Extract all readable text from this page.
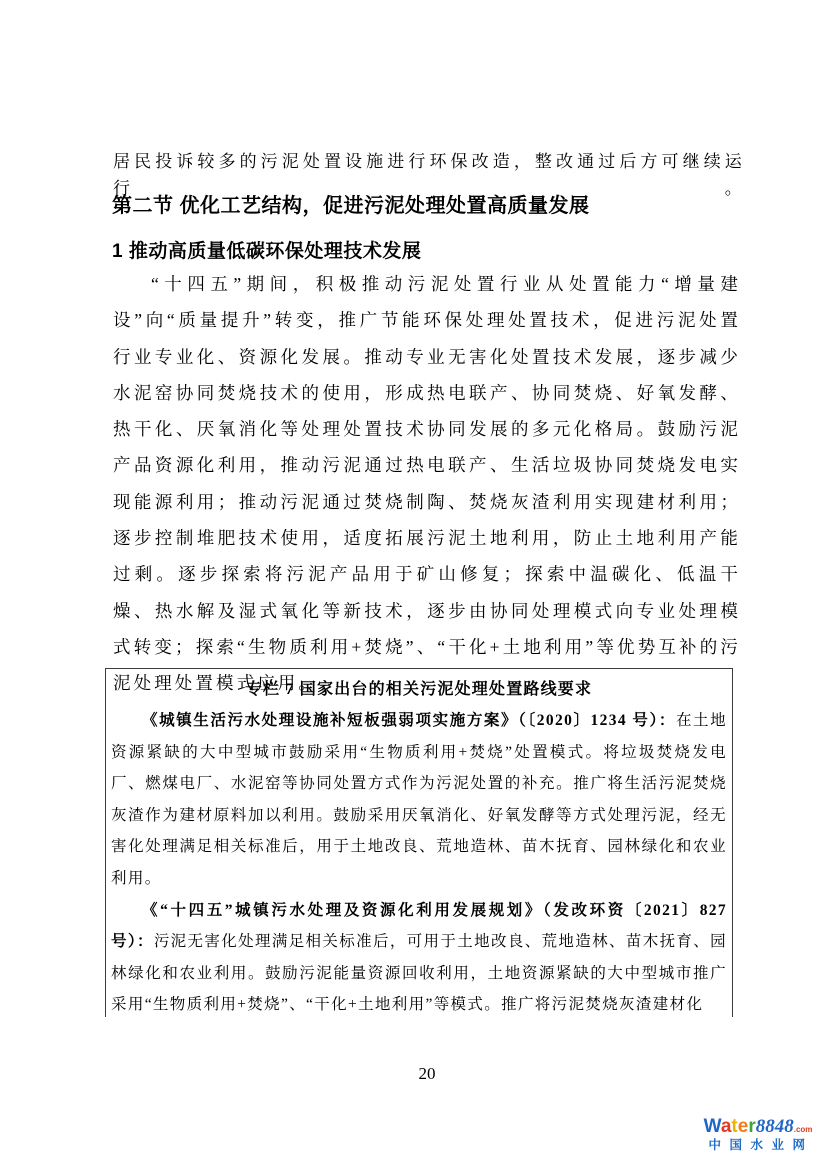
居民投诉较多的污泥处置设施进行环保改造，整改通过后方可继续运行。

第二节 优化工艺结构，促进污泥处理处置高质量发展
1 推动高质量低碳环保处理技术发展

“十四五”期间，积极推动污泥处置行业从处置能力“增量建设”向“质量提升”转变，推广节能环保处理处置技术，促进污泥处置行业专业化、资源化发展。推动专业无害化处置技术发展，逐步减少水泥窑协同焚烧技术的使用，形成热电联产、协同焚烧、好氧发酵、热干化、厌氧消化等处理处置技术协同发展的多元化格局。鼓励污泥产品资源化利用，推动污泥通过热电联产、生活垃圾协同焚烧发电实现能源利用；推动污泥通过焚烧制陶、焚烧灰渣利用实现建材利用；逐步控制堆肥技术使用，适度拓展污泥土地利用，防止土地利用产能过剩。逐步探索将污泥产品用于矿山修复；探索中温碳化、低温干燥、热水解及湿式氧化等新技术，逐步由协同处理模式向专业处理模式转变；探索“生物质利用+焚烧”、“干化+土地利用”等优势互补的污泥处理处置模式应用。

专栏 7 国家出台的相关污泥处理处置路线要求

《城镇生活污水处理设施补短板强弱项实施方案》（〔2020〕1234 号）：在土地资源紧缺的大中型城市鼓励采用“生物质利用+焚烧”处置模式。将垃圾焚烧发电厂、燃煤电厂、水泥窑等协同处置方式作为污泥处置的补充。推广将生活污泥焚烧灰渣作为建材原料加以利用。鼓励采用厌氧消化、好氧发酵等方式处理污泥，经无害化处理满足相关标准后，用于土地改良、荒地造林、苗木抚育、园林绿化和农业利用。

《“十四五”城镇污水处理及资源化利用发展规划》（发改环资〔2021〕827 号）：污泥无害化处理满足相关标准后，可用于土地改良、荒地造林、苗木抚育、园林绿化和农业利用。鼓励污泥能量资源回收利用，土地资源紧缺的大中型城市推广采用“生物质利用+焚烧”、“干化+土地利用”等模式。推广将污泥焚烧灰渣建材化

20
Water8848.com
中 国 水 业 网
